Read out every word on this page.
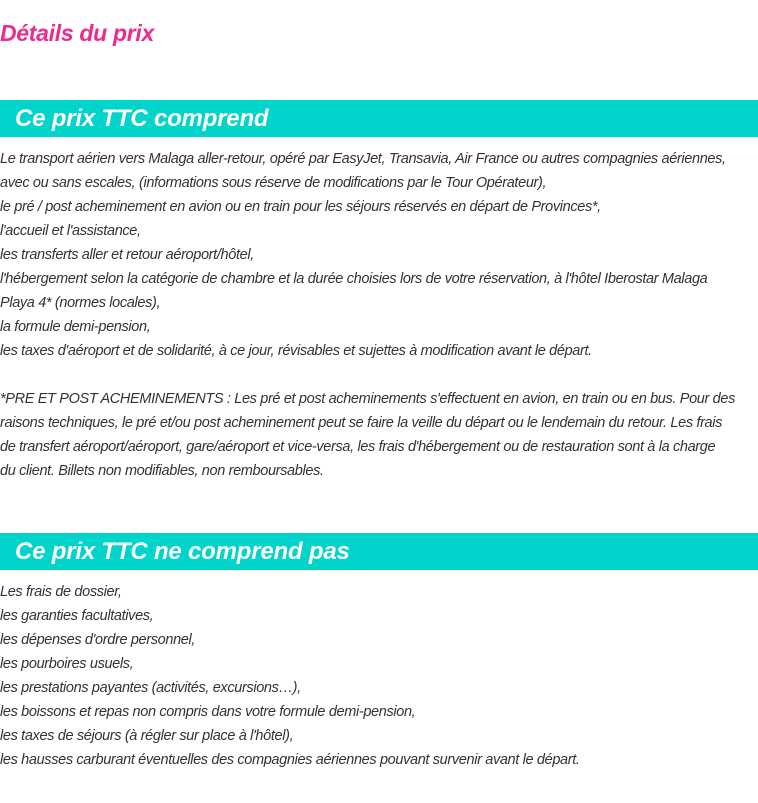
Détails du prix
Ce prix TTC comprend

Le transport aérien vers Malaga aller-retour, opéré par EasyJet, Transavia, Air France ou autres compagnies aériennes,

avec ou sans escales, (informations sous réserve de modifications par le Tour Opérateur),

le pré / post acheminement en avion ou en train pour les séjours réservés en départ de Provinces*,

l'accueil et l'assistance,

les transferts aller et retour aéroport/hôtel,

l'hébergement selon la catégorie de chambre et la durée choisies lors de votre réservation, à l'hôtel Iberostar Malaga

Playa 4* (normes locales),

la formule demi-pension,

les taxes d'aéroport et de solidarité, à ce jour, révisables et sujettes à modification avant le départ.

*PRE ET POST ACHEMINEMENTS : Les pré et post acheminements s'effectuent en avion, en train ou en bus. Pour des

raisons techniques, le pré et/ou post acheminement peut se faire la veille du départ ou le lendemain du retour. Les frais

de transfert aéroport/aéroport, gare/aéroport et vice-versa, les frais d'hébergement ou de restauration sont à la charge

du client. Billets non modifiables, non remboursables.

Ce prix TTC ne comprend pas

Les frais de dossier,

les garanties facultatives,

les dépenses d'ordre personnel,

les pourboires usuels,

les prestations payantes (activités, excursions…),

les boissons et repas non compris dans votre formule demi-pension,

les taxes de séjours (à régler sur place à l'hôtel),

les hausses carburant éventuelles des compagnies aériennes pouvant survenir avant le départ.
